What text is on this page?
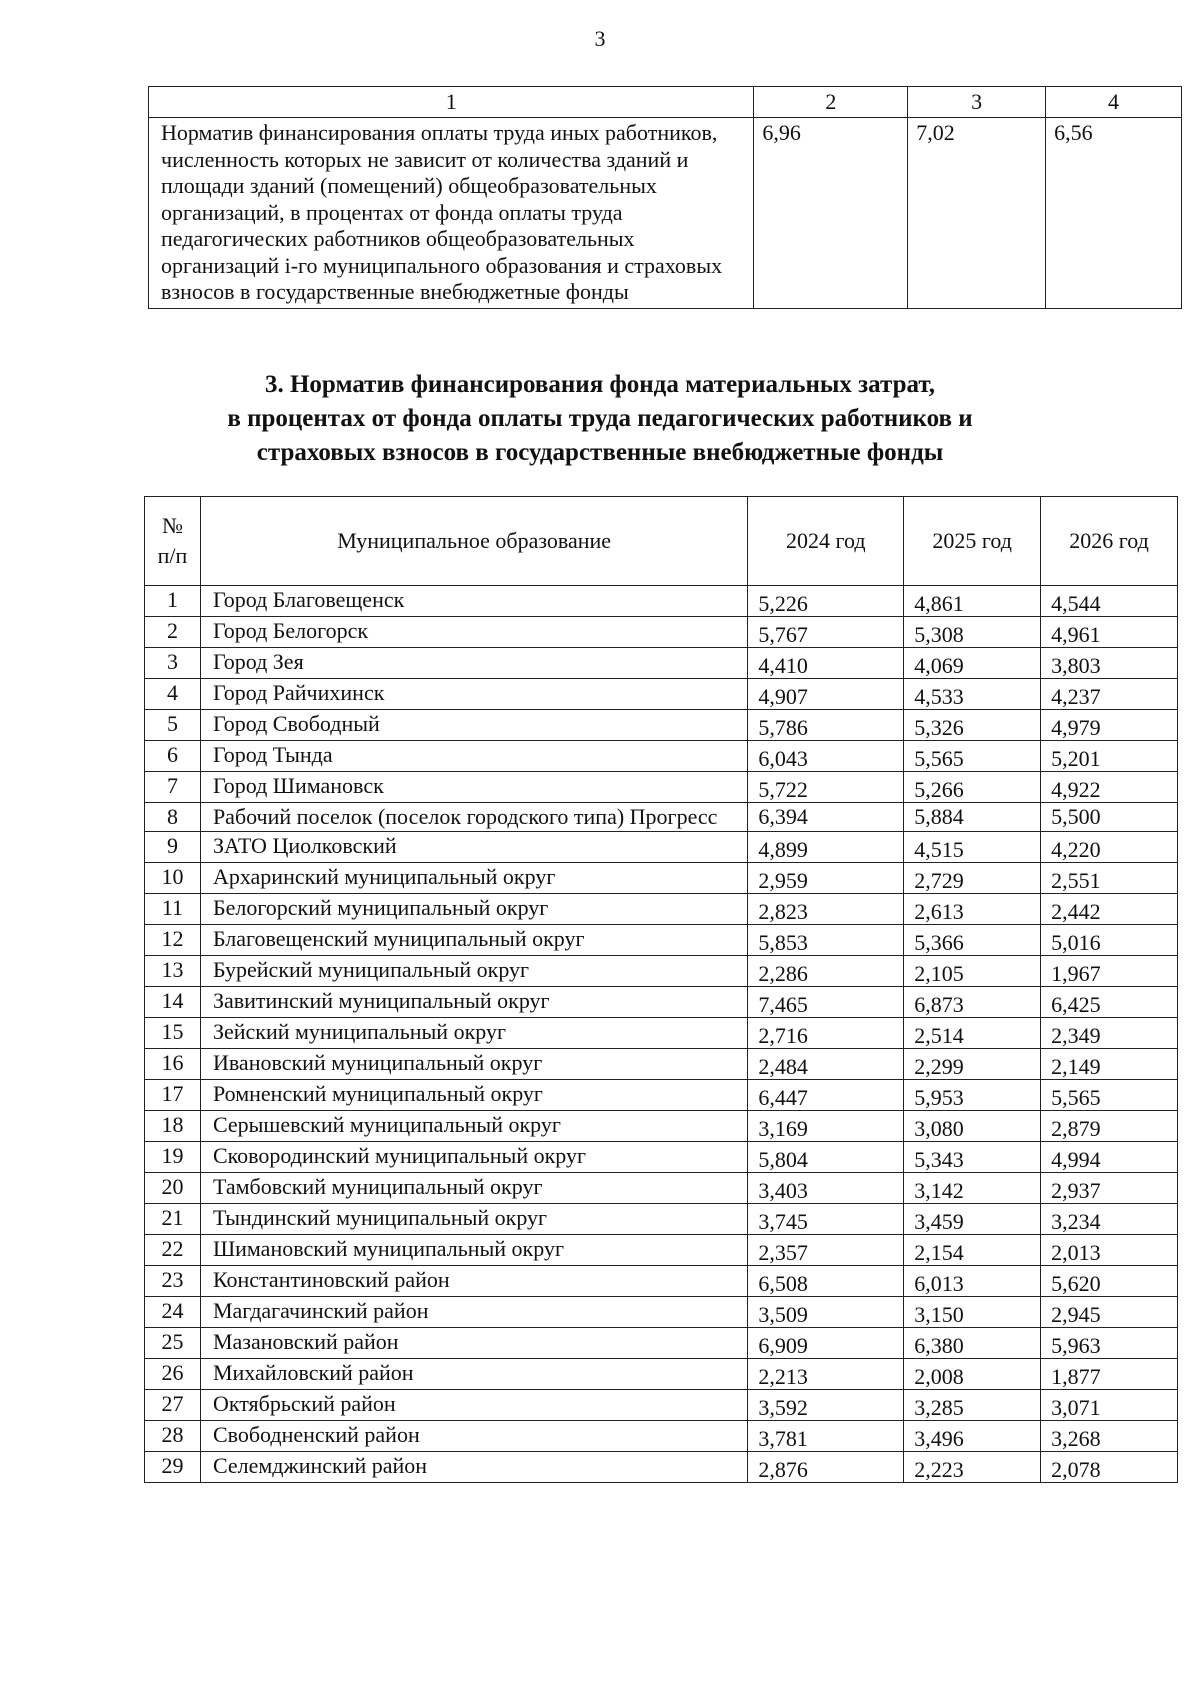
3
1	2	3	4
Норматив финансирования оплаты труда иных работников, численность которых не зависит от количества зданий и площади зданий (помещений) общеобразовательных организаций, в процентах от фонда оплаты труда педагогических работников общеобразовательных организаций i-го муниципального образования и страховых взносов в государственные внебюджетные фонды	6,96	7,02	6,56
3. Норматив финансирования фонда материальных затрат,
в процентах от фонда оплаты труда педагогических работников и
страховых взносов в государственные внебюджетные фонды
№
п/п	Муниципальное образование	2024 год	2025 год	2026 год
1	Город Благовещенск	5,226	4,861	4,544
2	Город Белогорск	5,767	5,308	4,961
3	Город Зея	4,410	4,069	3,803
4	Город Райчихинск	4,907	4,533	4,237
5	Город Свободный	5,786	5,326	4,979
6	Город Тында	6,043	5,565	5,201
7	Город Шимановск	5,722	5,266	4,922
8	Рабочий поселок (поселок городского типа) Прогресс	6,394	5,884	5,500
9	ЗАТО Циолковский	4,899	4,515	4,220
10	Архаринский муниципальный округ	2,959	2,729	2,551
11	Белогорский муниципальный округ	2,823	2,613	2,442
12	Благовещенский муниципальный округ	5,853	5,366	5,016
13	Бурейский муниципальный округ	2,286	2,105	1,967
14	Завитинский муниципальный округ	7,465	6,873	6,425
15	Зейский муниципальный округ	2,716	2,514	2,349
16	Ивановский муниципальный округ	2,484	2,299	2,149
17	Ромненский муниципальный округ	6,447	5,953	5,565
18	Серышевский муниципальный округ	3,169	3,080	2,879
19	Сковородинский муниципальный округ	5,804	5,343	4,994
20	Тамбовский муниципальный округ	3,403	3,142	2,937
21	Тындинский муниципальный округ	3,745	3,459	3,234
22	Шимановский муниципальный округ	2,357	2,154	2,013
23	Константиновский район	6,508	6,013	5,620
24	Магдагачинский район	3,509	3,150	2,945
25	Мазановский район	6,909	6,380	5,963
26	Михайловский район	2,213	2,008	1,877
27	Октябрьский район	3,592	3,285	3,071
28	Свободненский район	3,781	3,496	3,268
29	Селемджинский район	2,876	2,223	2,078
